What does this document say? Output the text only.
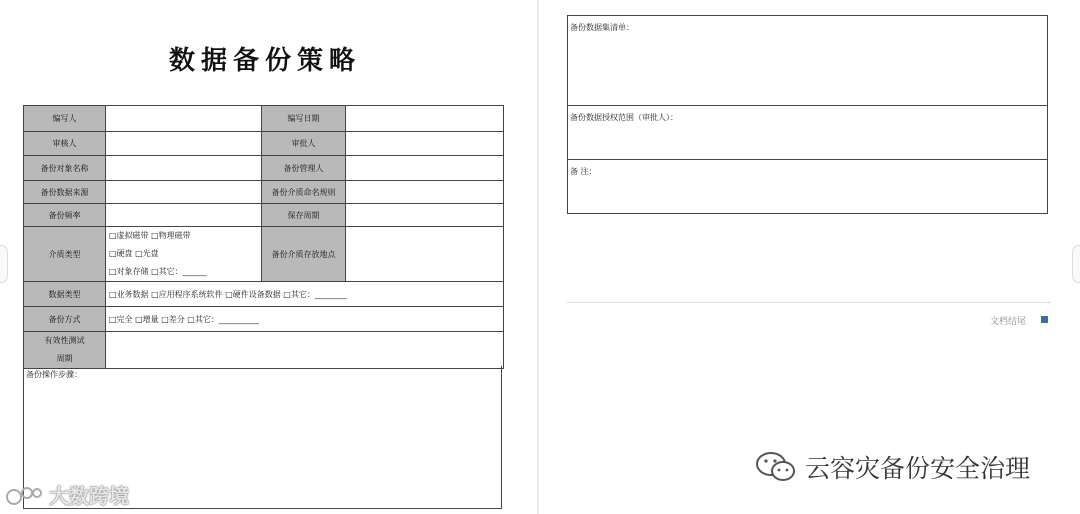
数据备份策略
编写人		编写日期	
审核人		审批人	
备份对象名称		备份管理人	
备份数据来源		备份介质命名规则	
备份频率		保存周期	
介质类型	□虚拟磁带 □物理磁带
□硬盘 □光盘
□对象存储 □其它：______	备份介质存放地点	
数据类型	□业务数据 □应用程序系统软件 □硬件设备数据 □其它：________		
备份方式	□完全 □增量 □差分 □其它：__________		

有效性测试
周期			

备份操作步骤：
备份数据集清单：
备份数据授权范围（审批人）：
备 注：
文档结尾
大数跨境
云容灾备份安全治理
